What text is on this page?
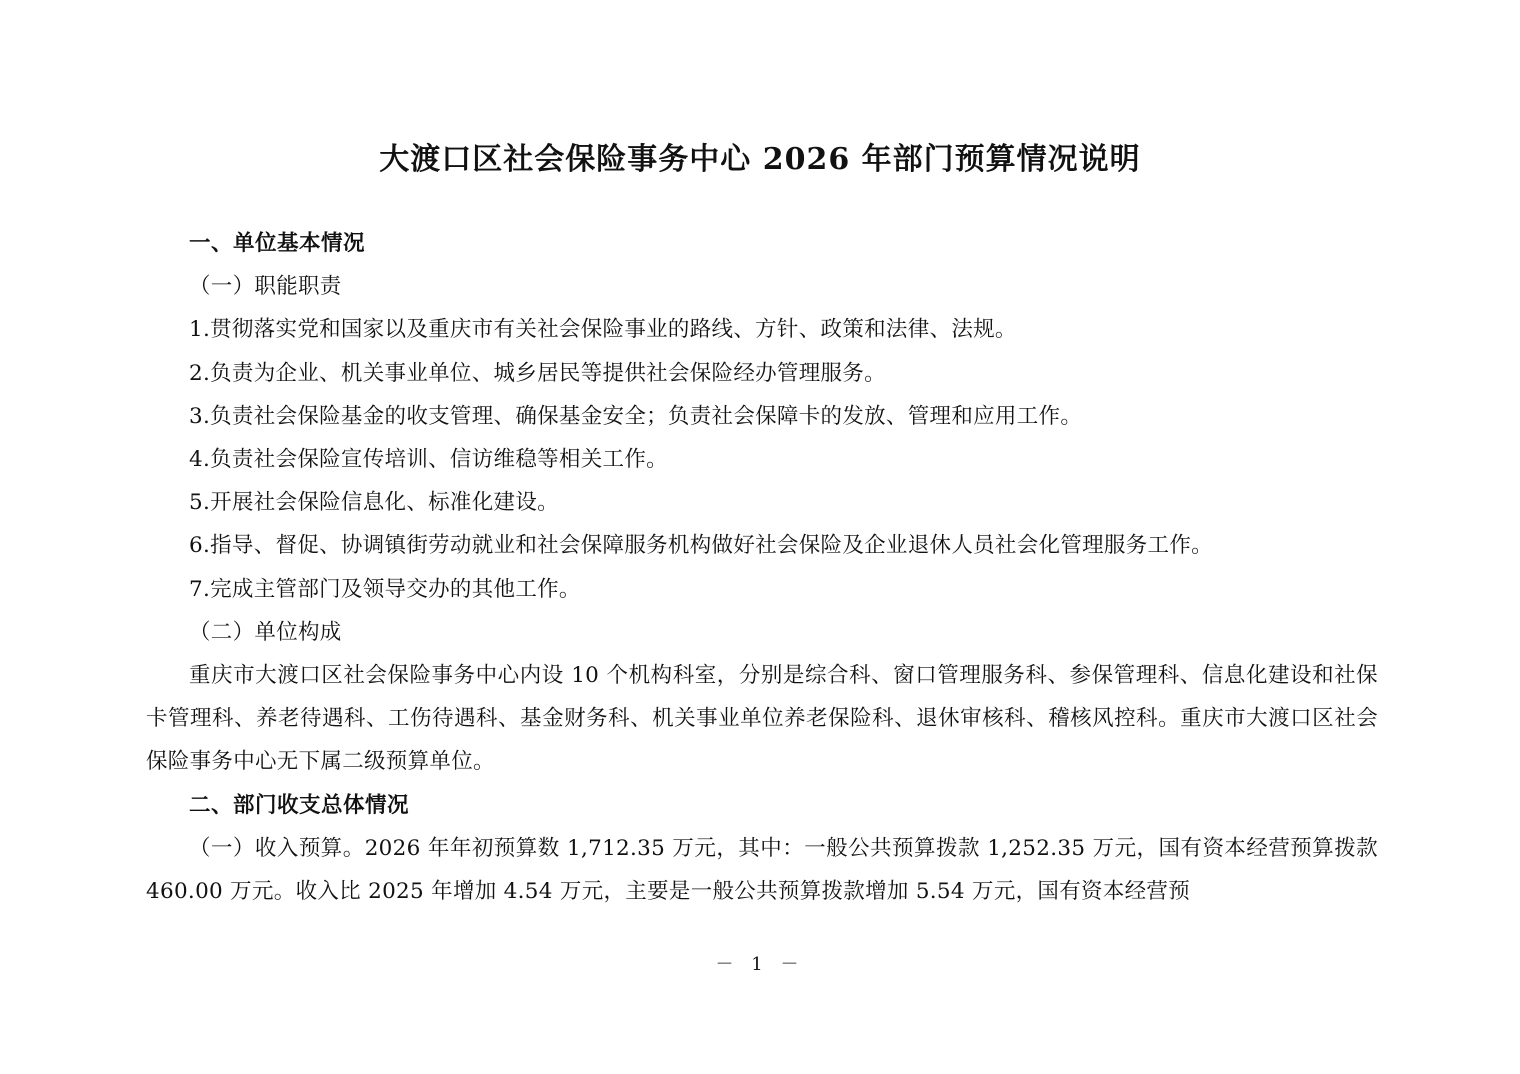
大渡口区社会保险事务中心 2026 年部门预算情况说明
一、单位基本情况

（一）职能职责

1.贯彻落实党和国家以及重庆市有关社会保险事业的路线、方针、政策和法律、法规。

2.负责为企业、机关事业单位、城乡居民等提供社会保险经办管理服务。

3.负责社会保险基金的收支管理、确保基金安全；负责社会保障卡的发放、管理和应用工作。

4.负责社会保险宣传培训、信访维稳等相关工作。

5.开展社会保险信息化、标准化建设。

6.指导、督促、协调镇街劳动就业和社会保障服务机构做好社会保险及企业退休人员社会化管理服务工作。

7.完成主管部门及领导交办的其他工作。

（二）单位构成

重庆市大渡口区社会保险事务中心内设 10 个机构科室，分别是综合科、窗口管理服务科、参保管理科、信息化建设和社保卡管理科、养老待遇科、工伤待遇科、基金财务科、机关事业单位养老保险科、退休审核科、稽核风控科。重庆市大渡口区社会保险事务中心无下属二级预算单位。

二、部门收支总体情况

（一）收入预算。2026 年年初预算数 1,712.35 万元，其中：一般公共预算拨款 1,252.35 万元，国有资本经营预算拨款 460.00 万元。收入比 2025 年增加 4.54 万元，主要是一般公共预算拨款增加 5.54 万元，国有资本经营预

－ 1 －
